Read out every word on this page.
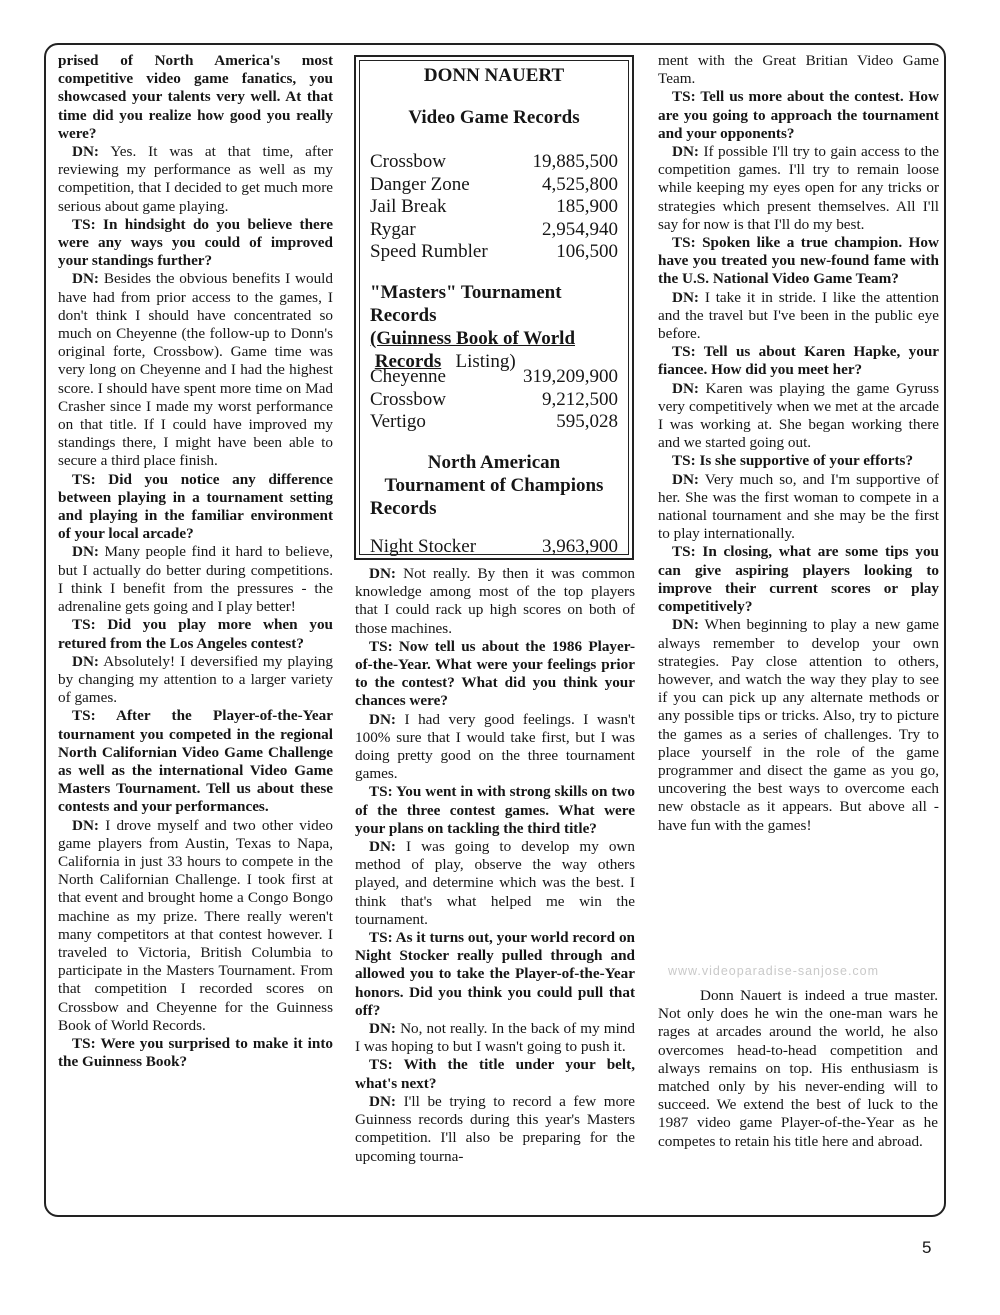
prised of North America's most competitive video game fanatics, you showcased your talents very well. At that time did you realize how good you really were?

DN: Yes. It was at that time, after reviewing my performance as well as my competition, that I decided to get much more serious about game playing.

TS: In hindsight do you believe there were any ways you could of improved your standings further?

DN: Besides the obvious benefits I would have had from prior access to the games, I don't think I should have concentrated so much on Cheyenne (the follow-up to Donn's original forte, Crossbow). Game time was very long on Cheyenne and I had the highest score. I should have spent more time on Mad Crasher since I made my worst performance on that title. If I could have improved my standings there, I might have been able to secure a third place finish.

TS: Did you notice any difference between playing in a tournament setting and playing in the familiar environment of your local arcade?

DN: Many people find it hard to believe, but I actually do better during competitions. I think I benefit from the pressures - the adrenaline gets going and I play better!

TS: Did you play more when you retured from the Los Angeles contest?

DN: Absolutely! I deversified my playing by changing my attention to a larger variety of games.

TS: After the Player-of-the-Year tournament you competed in the regional North Californian Video Game Challenge as well as the international Video Game Masters Tournament. Tell us about these contests and your performances.

DN: I drove myself and two other video game players from Austin, Texas to Napa, California in just 33 hours to compete in the North Californian Challenge. I took first at that event and brought home a Congo Bongo machine as my prize. There really weren't many competitors at that contest however. I traveled to Victoria, British Columbia to participate in the Masters Tournament. From that competition I recorded scores on Crossbow and Cheyenne for the Guinness Book of World Records.

TS: Were you surprised to make it into the Guinness Book?

DONN NAUERT
Video Game Records
Crossbow	19,885,500
Danger Zone	4,525,800
Jail Break	185,900
Rygar	2,954,940
Speed Rumbler	106,500
"Masters" Tournament Records
(Guinness Book of World
Records Listing)
Cheyenne	319,209,900
Crossbow	9,212,500
Vertigo	595,028
North American
Tournament of Champions
Records
Night Stocker	3,963,900

DN: Not really. By then it was common knowledge among most of the top players that I could rack up high scores on both of those machines.

TS: Now tell us about the 1986 Player-of-the-Year. What were your feelings prior to the contest? What did you think your chances were?

DN: I had very good feelings. I wasn't 100% sure that I would take first, but I was doing pretty good on the three tournament games.

TS: You went in with strong skills on two of the three contest games. What were your plans on tackling the third title?

DN: I was going to develop my own method of play, observe the way others played, and determine which was the best. I think that's what helped me win the tournament.

TS: As it turns out, your world record on Night Stocker really pulled through and allowed you to take the Player-of-the-Year honors. Did you think you could pull that off?

DN: No, not really. In the back of my mind I was hoping to but I wasn't going to push it.

TS: With the title under your belt, what's next?

DN: I'll be trying to record a few more Guinness records during this year's Masters competition. I'll also be preparing for the upcoming tourna-

ment with the Great Britian Video Game Team.

TS: Tell us more about the contest. How are you going to approach the tournament and your opponents?

DN: If possible I'll try to gain access to the competition games. I'll try to remain loose while keeping my eyes open for any tricks or strategies which present themselves. All I'll say for now is that I'll do my best.

TS: Spoken like a true champion. How have you treated you new-found fame with the U.S. National Video Game Team?

DN: I take it in stride. I like the attention and the travel but I've been in the public eye before.

TS: Tell us about Karen Hapke, your fiancee. How did you meet her?

DN: Karen was playing the game Gyruss very competitively when we met at the arcade I was working at. She began working there and we started going out.

TS: Is she supportive of your efforts?

DN: Very much so, and I'm supportive of her. She was the first woman to compete in a national tournament and she may be the first to play internationally.

TS: In closing, what are some tips you can give aspiring players looking to improve their current scores or play competitively?

DN: When beginning to play a new game always remember to develop your own strategies. Pay close attention to others, however, and watch the way they play to see if you can pick up any alternate methods or any possible tips or tricks. Also, try to picture the games as a series of challenges. Try to place yourself in the role of the game programmer and disect the game as you go, uncovering the best ways to overcome each new obstacle as it appears. But above all - have fun with the games!

www.videoparadise-sanjose.com

Donn Nauert is indeed a true master. Not only does he win the one-man wars he rages at arcades around the world, he also overcomes head-to-head competition and always remains on top. His enthusiasm is matched only by his never-ending will to succeed. We extend the best of luck to the 1987 video game Player-of-the-Year as he competes to retain his title here and abroad.

5
